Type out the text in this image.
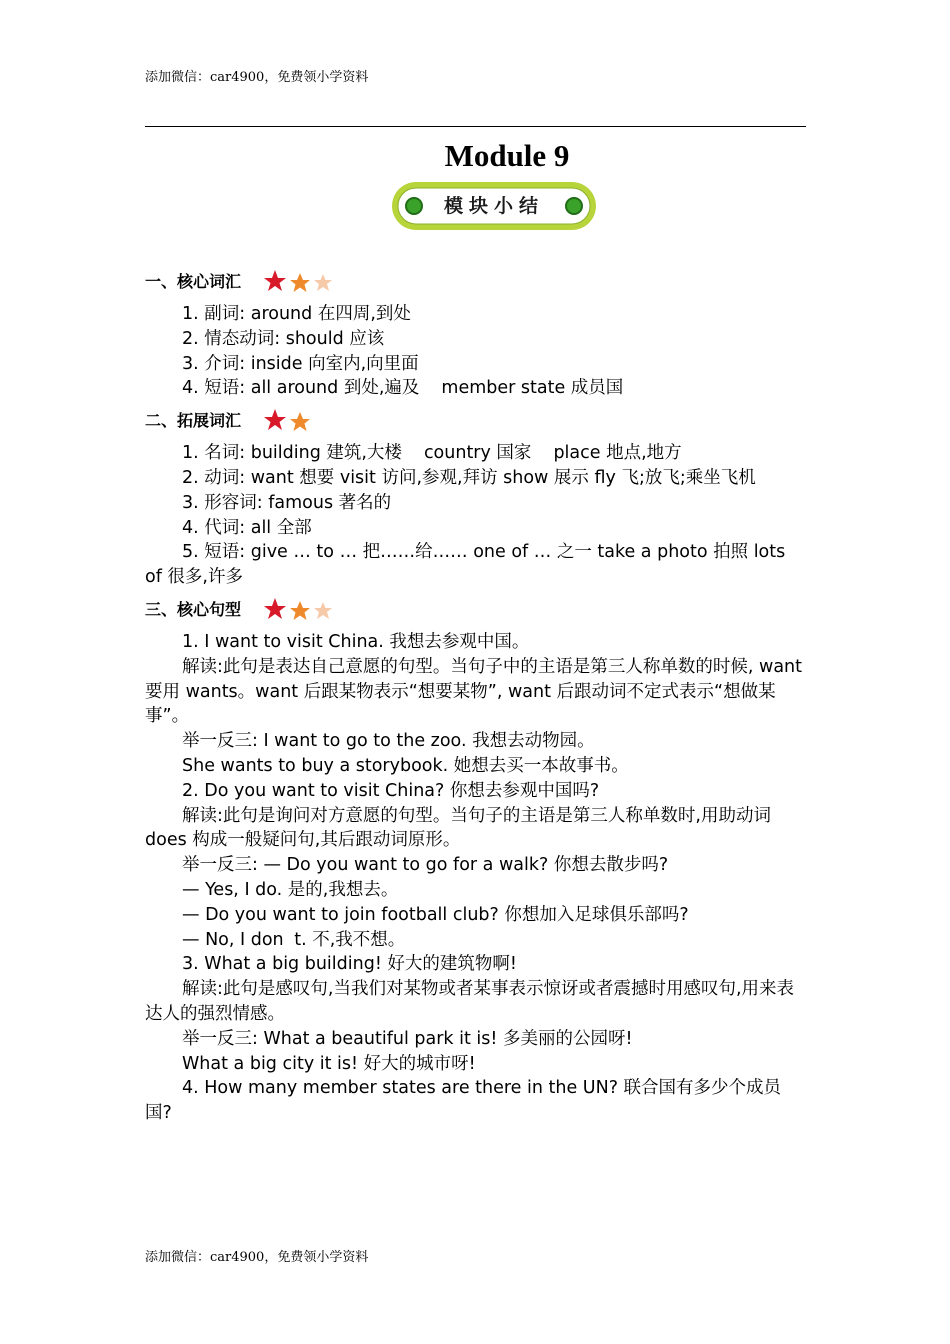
添加微信：car4900，免费领小学资料
Module 9
模块小结
一、核心词汇
1. 副词: around 在四周,到处
2. 情态动词: should 应该
3. 介词: inside 向室内,向里面
4. 短语: all around 到处,遍及 member state 成员国
二、拓展词汇
1. 名词: building 建筑,大楼 country 国家 place 地点,地方
2. 动词: want 想要 visit 访问,参观,拜访 show 展示 fly 飞;放飞;乘坐飞机
3. 形容词: famous 著名的
4. 代词: all 全部
5. 短语: give … to … 把……给…… one of … 之一 take a photo 拍照 lots of 很多,许多
三、核心句型
1. I want to visit China. 我想去参观中国。
解读:此句是表达自己意愿的句型。当句子中的主语是第三人称单数的时候, want 要用 wants。want 后跟某物表示“想要某物”, want 后跟动词不定式表示“想做某事”。
举一反三: I want to go to the zoo. 我想去动物园。
She wants to buy a storybook. 她想去买一本故事书。
2. Do you want to visit China? 你想去参观中国吗?
解读:此句是询问对方意愿的句型。当句子的主语是第三人称单数时,用助动词 does 构成一般疑问句,其后跟动词原形。
举一反三: — Do you want to go for a walk? 你想去散步吗?
— Yes, I do. 是的,我想去。
— Do you want to join football club? 你想加入足球俱乐部吗?
— No, I dont. 不,我不想。
3. What a big building! 好大的建筑物啊!
解读:此句是感叹句,当我们对某物或者某事表示惊讶或者震撼时用感叹句,用来表达人的强烈情感。
举一反三: What a beautiful park it is! 多美丽的公园呀!
What a big city it is! 好大的城市呀!
4. How many member states are there in the UN? 联合国有多少个成员国?
添加微信：car4900，免费领小学资料
